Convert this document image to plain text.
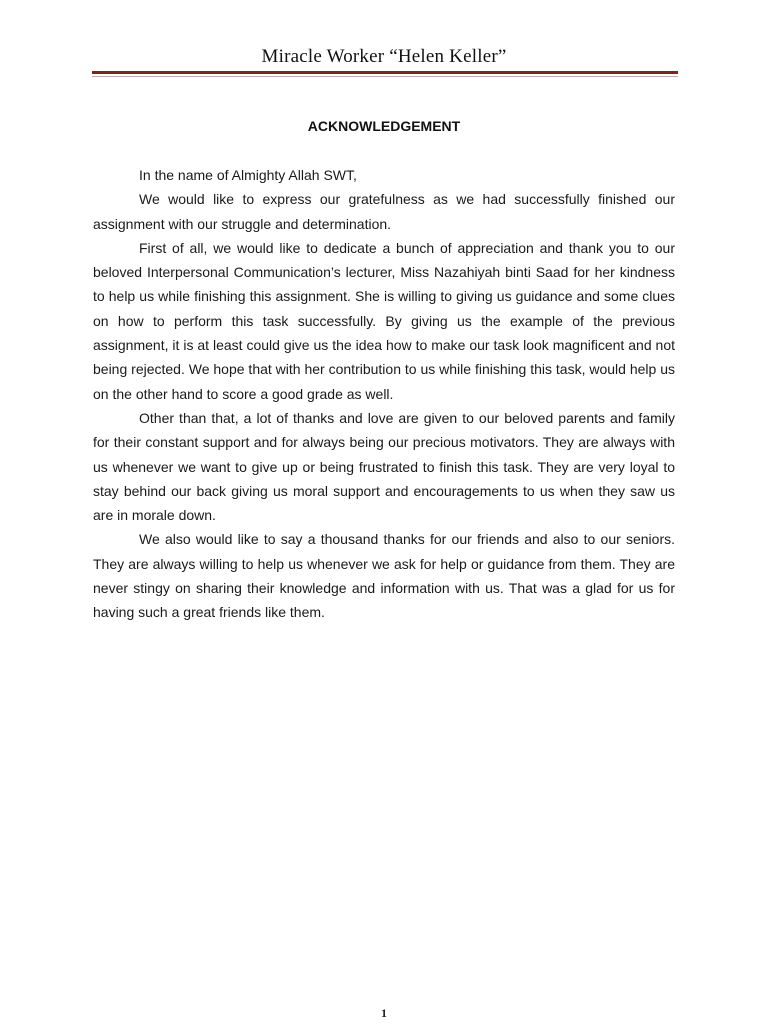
Miracle Worker “Helen Keller”
ACKNOWLEDGEMENT

In the name of Almighty Allah SWT,

We would like to express our gratefulness as we had successfully finished our assignment with our struggle and determination.

First of all, we would like to dedicate a bunch of appreciation and thank you to our beloved Interpersonal Communication’s lecturer, Miss Nazahiyah binti Saad for her kindness to help us while finishing this assignment. She is willing to giving us guidance and some clues on how to perform this task successfully. By giving us the example of the previous assignment, it is at least could give us the idea how to make our task look magnificent and not being rejected. We hope that with her contribution to us while finishing this task, would help us on the other hand to score a good grade as well.

Other than that, a lot of thanks and love are given to our beloved parents and family for their constant support and for always being our precious motivators. They are always with us whenever we want to give up or being frustrated to finish this task. They are very loyal to stay behind our back giving us moral support and encouragements to us when they saw us are in morale down.

We also would like to say a thousand thanks for our friends and also to our seniors. They are always willing to help us whenever we ask for help or guidance from them. They are never stingy on sharing their knowledge and information with us. That was a glad for us for having such a great friends like them.

1
